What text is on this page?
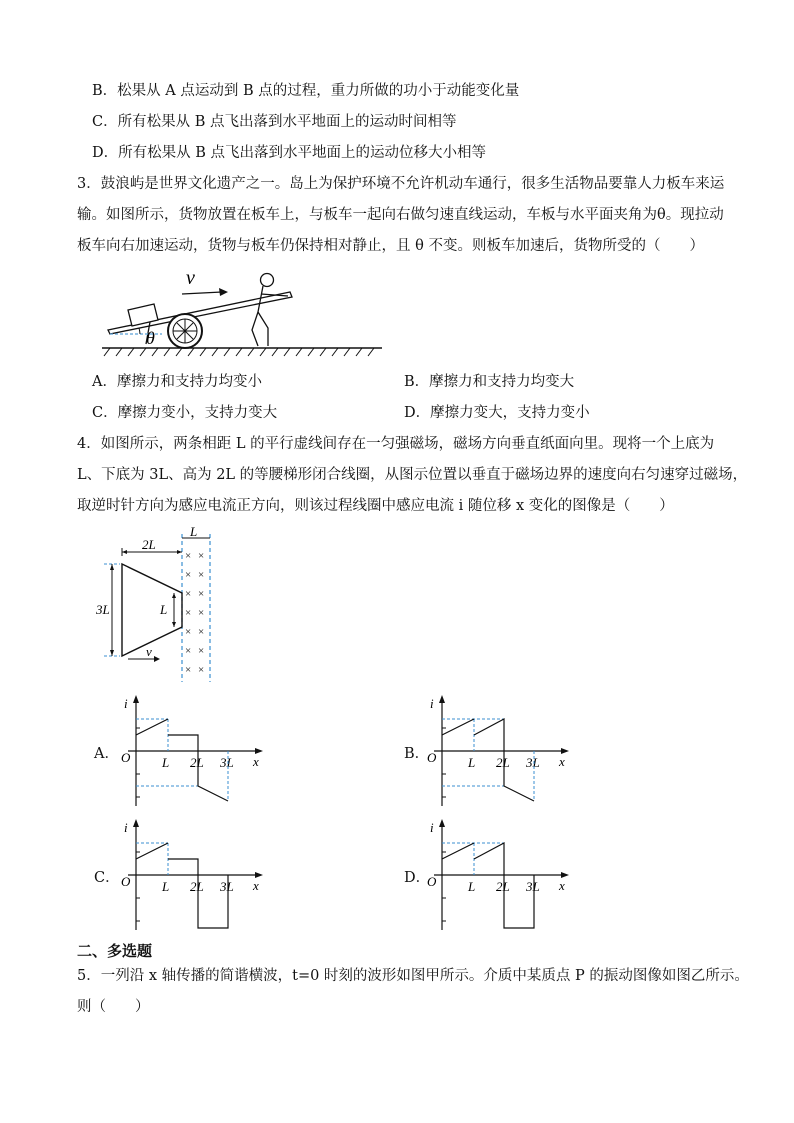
B．松果从 A 点运动到 B 点的过程，重力所做的功小于动能变化量
C．所有松果从 B 点飞出落到水平地面上的运动时间相等
D．所有松果从 B 点飞出落到水平地面上的运动位移大小相等
3．鼓浪屿是世界文化遗产之一。岛上为保护环境不允许机动车通行，很多生活物品要靠人力板车来运
输。如图所示，货物放置在板车上，与板车一起向右做匀速直线运动，车板与水平面夹角为θ。现拉动
板车向右加速运动，货物与板车仍保持相对静止，且 θ 不变。则板车加速后，货物所受的（　　）
θ
v
A．摩擦力和支持力均变小	B．摩擦力和支持力均变大
C．摩擦力变小，支持力变大	D．摩擦力变大，支持力变小
4．如图所示，两条相距 L 的平行虚线间存在一匀强磁场，磁场方向垂直纸面向里。现将一个上底为
L、下底为 3L、高为 2L 的等腰梯形闭合线圈，从图示位置以垂直于磁场边界的速度向右匀速穿过磁场，
取逆时针方向为感应电流正方向，则该过程线圈中感应电流 i 随位移 x 变化的图像是（　　）
L
× ×
× ×
× ×
× ×
× ×
× ×
× ×
2L
3L	L
v
A．
i
O	x
L 2L 3L
B．
i
O	x
L 2L 3L
C．
i
O	x
L 2L 3L
D．
i
O	x
L 2L 3L
二、多选题
5．一列沿 x 轴传播的简谐横波，t=0 时刻的波形如图甲所示。介质中某质点 P 的振动图像如图乙所示。
则（　　）
